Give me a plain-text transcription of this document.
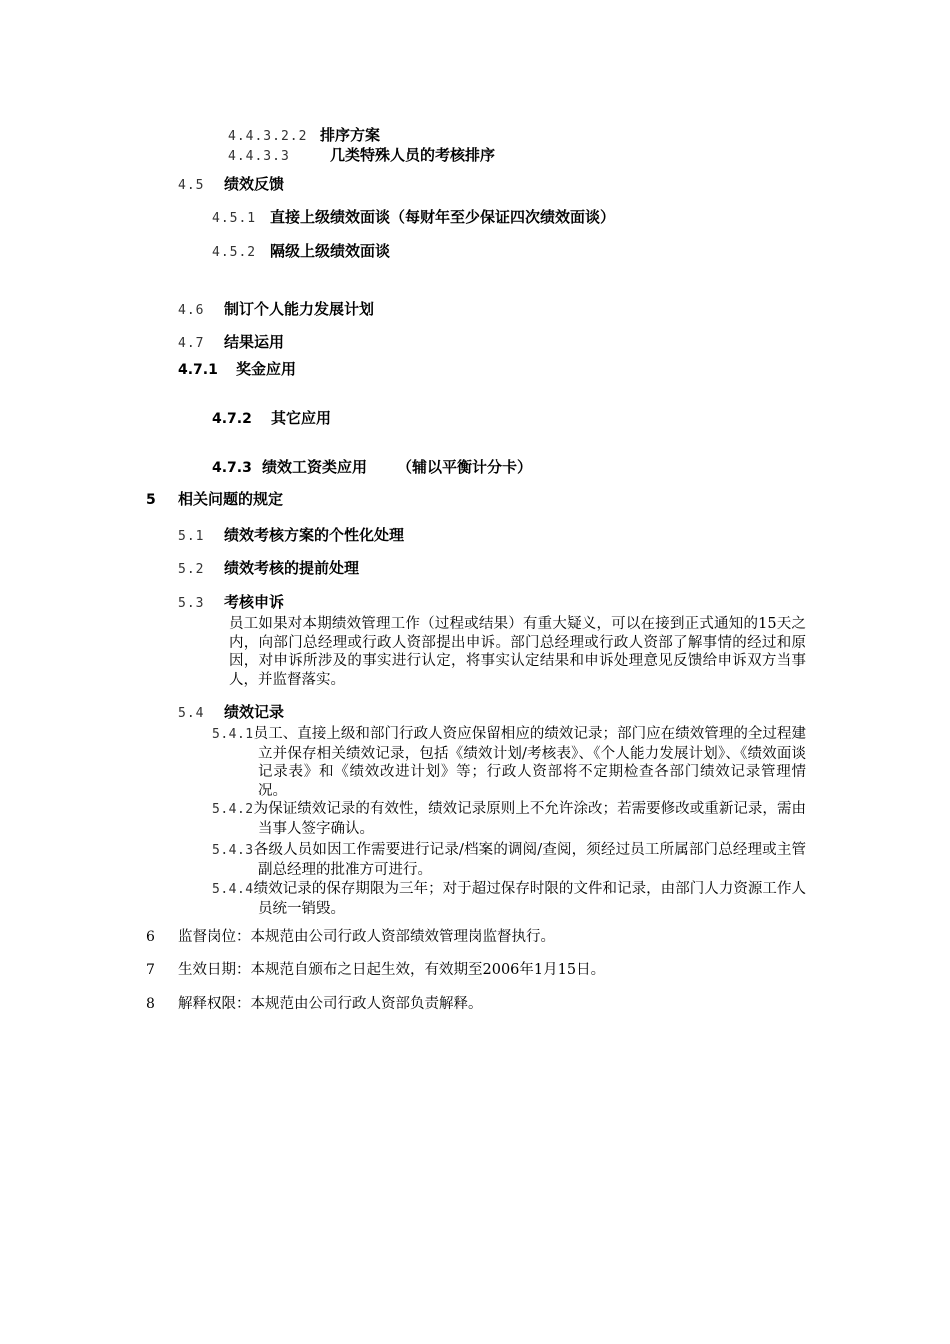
4.4.3.2.2 排序方案
4.4.3.3	几类特殊人员的考核排序
4.5 绩效反馈
4.5.1 直接上级绩效面谈（每财年至少保证四次绩效面谈）
4.5.2 隔级上级绩效面谈
4.6 制订个人能力发展计划
4.7 结果运用
4.7.1 奖金应用
4.7.2 其它应用
4.7.3 绩效工资类应用 （辅以平衡计分卡）
5 相关问题的规定
5.1 绩效考核方案的个性化处理
5.2 绩效考核的提前处理
5.3 考核申诉
员工如果对本期绩效管理工作（过程或结果）有重大疑义，可以在接到正式通知的15天之内，向部门总经理或行政人资部提出申诉。部门总经理或行政人资部了解事情的经过和原因，对申诉所涉及的事实进行认定，将事实认定结果和申诉处理意见反馈给申诉双方当事人，并监督落实。
5.4 绩效记录
5.4.1员工、直接上级和部门行政人资应保留相应的绩效记录；部门应在绩效管理的全过程建立并保存相关绩效记录，包括《绩效计划/考核表》、《个人能力发展计划》、《绩效面谈记录表》和《绩效改进计划》等；行政人资部将不定期检查各部门绩效记录管理情况。
5.4.2为保证绩效记录的有效性，绩效记录原则上不允许涂改；若需要修改或重新记录，需由当事人签字确认。
5.4.3各级人员如因工作需要进行记录/档案的调阅/查阅，须经过员工所属部门总经理或主管副总经理的批准方可进行。
5.4.4绩效记录的保存期限为三年；对于超过保存时限的文件和记录，由部门人力资源工作人员统一销毁。
6 监督岗位：本规范由公司行政人资部绩效管理岗监督执行。
7 生效日期：本规范自颁布之日起生效，有效期至2006年1月15日。
8 解释权限：本规范由公司行政人资部负责解释。
